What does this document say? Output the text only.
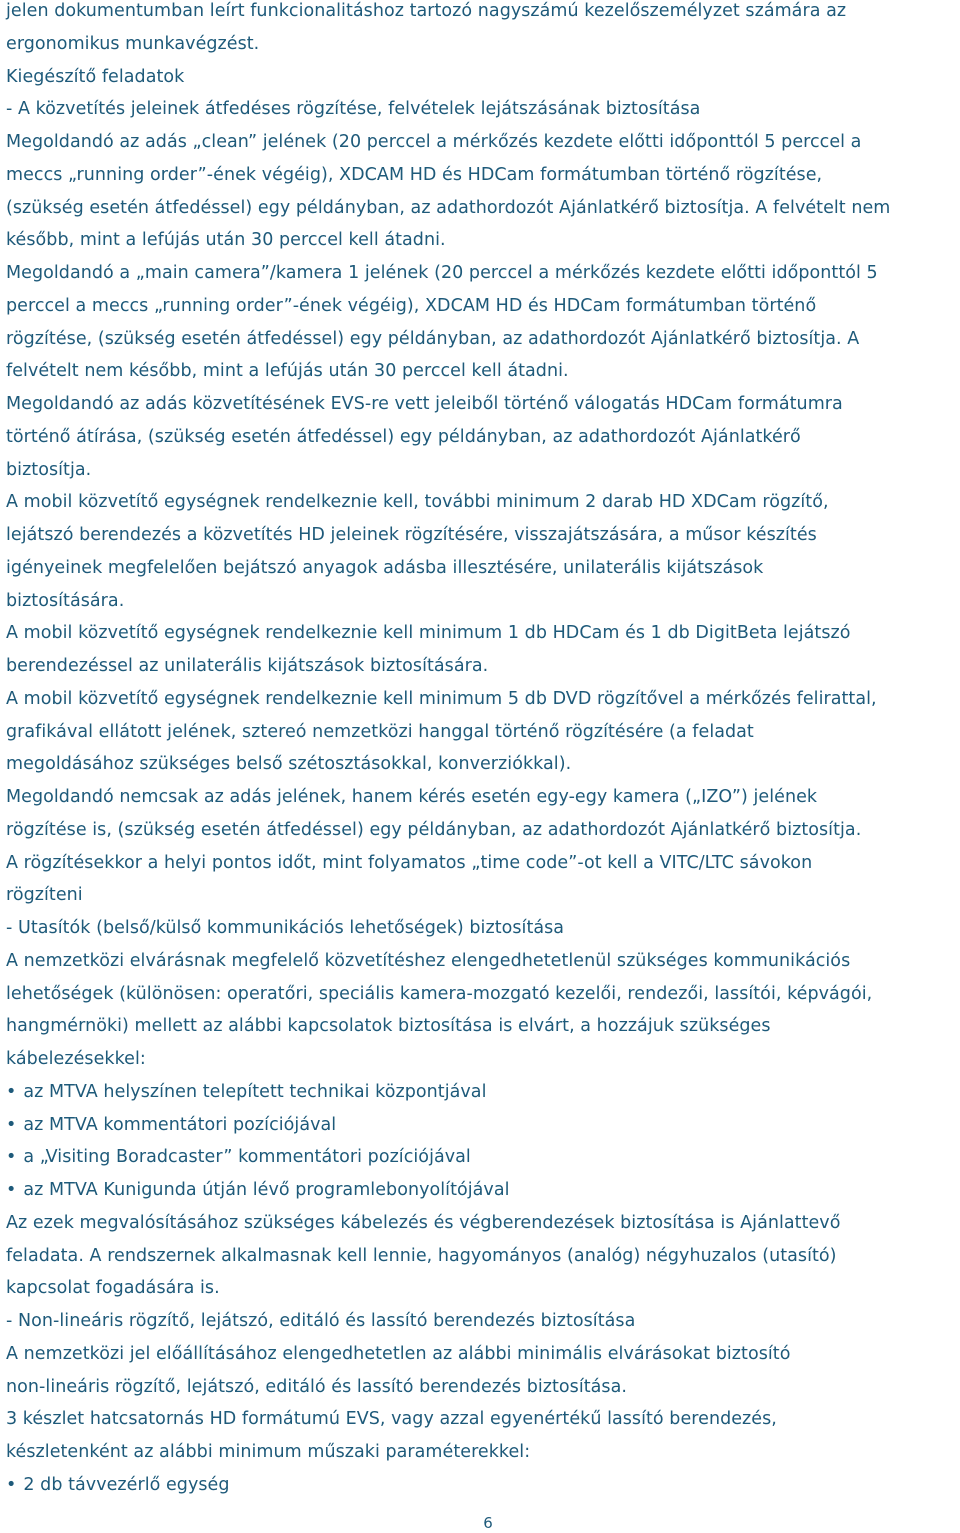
jelen dokumentumban leírt funkcionalitáshoz tartozó nagyszámú kezelőszemélyzet számára az
ergonomikus munkavégzést.
Kiegészítő feladatok
- A közvetítés jeleinek átfedéses rögzítése, felvételek lejátszásának biztosítása
Megoldandó az adás „clean” jelének (20 perccel a mérkőzés kezdete előtti időponttól 5 perccel a
meccs „running order”-ének végéig), XDCAM HD és HDCam formátumban történő rögzítése,
(szükség esetén átfedéssel) egy példányban, az adathordozót Ajánlatkérő biztosítja. A felvételt nem
később, mint a lefújás után 30 perccel kell átadni.
Megoldandó a „main camera”/kamera 1 jelének (20 perccel a mérkőzés kezdete előtti időponttól 5
perccel a meccs „running order”-ének végéig), XDCAM HD és HDCam formátumban történő
rögzítése, (szükség esetén átfedéssel) egy példányban, az adathordozót Ajánlatkérő biztosítja. A
felvételt nem később, mint a lefújás után 30 perccel kell átadni.
Megoldandó az adás közvetítésének EVS-re vett jeleiből történő válogatás HDCam formátumra
történő átírása, (szükség esetén átfedéssel) egy példányban, az adathordozót Ajánlatkérő
biztosítja.
A mobil közvetítő egységnek rendelkeznie kell, további minimum 2 darab HD XDCam rögzítő,
lejátszó berendezés a közvetítés HD jeleinek rögzítésére, visszajátszására, a műsor készítés
igényeinek megfelelően bejátszó anyagok adásba illesztésére, unilaterális kijátszások
biztosítására.
A mobil közvetítő egységnek rendelkeznie kell minimum 1 db HDCam és 1 db DigitBeta lejátszó
berendezéssel az unilaterális kijátszások biztosítására.
A mobil közvetítő egységnek rendelkeznie kell minimum 5 db DVD rögzítővel a mérkőzés felirattal,
grafikával ellátott jelének, sztereó nemzetközi hanggal történő rögzítésére (a feladat
megoldásához szükséges belső szétosztásokkal, konverziókkal).
Megoldandó nemcsak az adás jelének, hanem kérés esetén egy-egy kamera („IZO”) jelének
rögzítése is, (szükség esetén átfedéssel) egy példányban, az adathordozót Ajánlatkérő biztosítja.
A rögzítésekkor a helyi pontos időt, mint folyamatos „time code”-ot kell a VITC/LTC sávokon
rögzíteni
- Utasítók (belső/külső kommunikációs lehetőségek) biztosítása
A nemzetközi elvárásnak megfelelő közvetítéshez elengedhetetlenül szükséges kommunikációs
lehetőségek (különösen: operatőri, speciális kamera-mozgató kezelői, rendezői, lassítói, képvágói,
hangmérnöki) mellett az alábbi kapcsolatok biztosítása is elvárt, a hozzájuk szükséges
kábelezésekkel:
• az MTVA helyszínen telepített technikai központjával
• az MTVA kommentátori pozíciójával
• a „Visiting Boradcaster” kommentátori pozíciójával
• az MTVA Kunigunda útján lévő programlebonyolítójával
Az ezek megvalósításához szükséges kábelezés és végberendezések biztosítása is Ajánlattevő
feladata. A rendszernek alkalmasnak kell lennie, hagyományos (analóg) négyhuzalos (utasító)
kapcsolat fogadására is.
- Non-lineáris rögzítő, lejátszó, editáló és lassító berendezés biztosítása
A nemzetközi jel előállításához elengedhetetlen az alábbi minimális elvárásokat biztosító
non-lineáris rögzítő, lejátszó, editáló és lassító berendezés biztosítása.
3 készlet hatcsatornás HD formátumú EVS, vagy azzal egyenértékű lassító berendezés,
készletenként az alábbi minimum műszaki paraméterekkel:
• 2 db távvezérlő egység
6
